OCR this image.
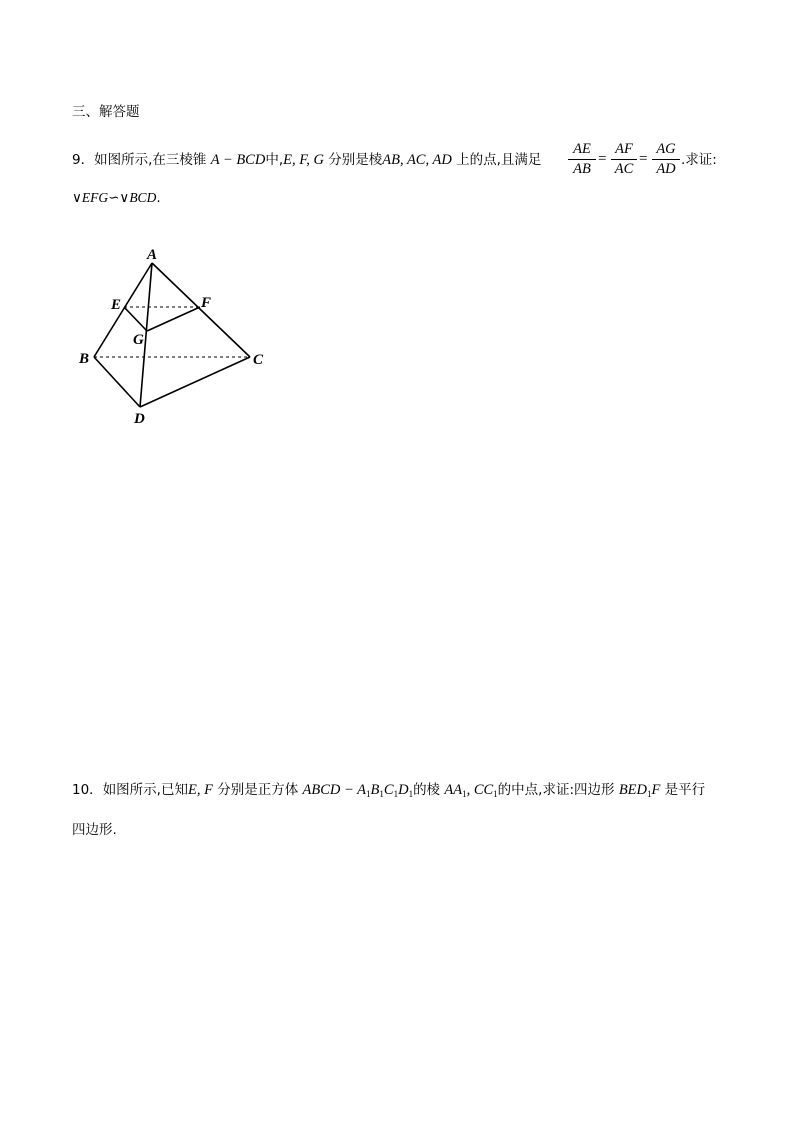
三、解答题
9．如图所示,在三棱锥 A − BCD中,E, F, G 分别是棱AB, AC, AD 上的点,且满足
AE
AB
=
AF
AC
=
AG
AD
.求证:
∨EFG∽∨BCD.
A
B	C
D
E	F
G
10．如图所示,已知E, F 分别是正方体 ABCD − $A_1B_1C_1D_1$的棱 $AA_1$, $CC_1$的中点,求证:四边形 $BED_1F$ 是平行
四边形.
